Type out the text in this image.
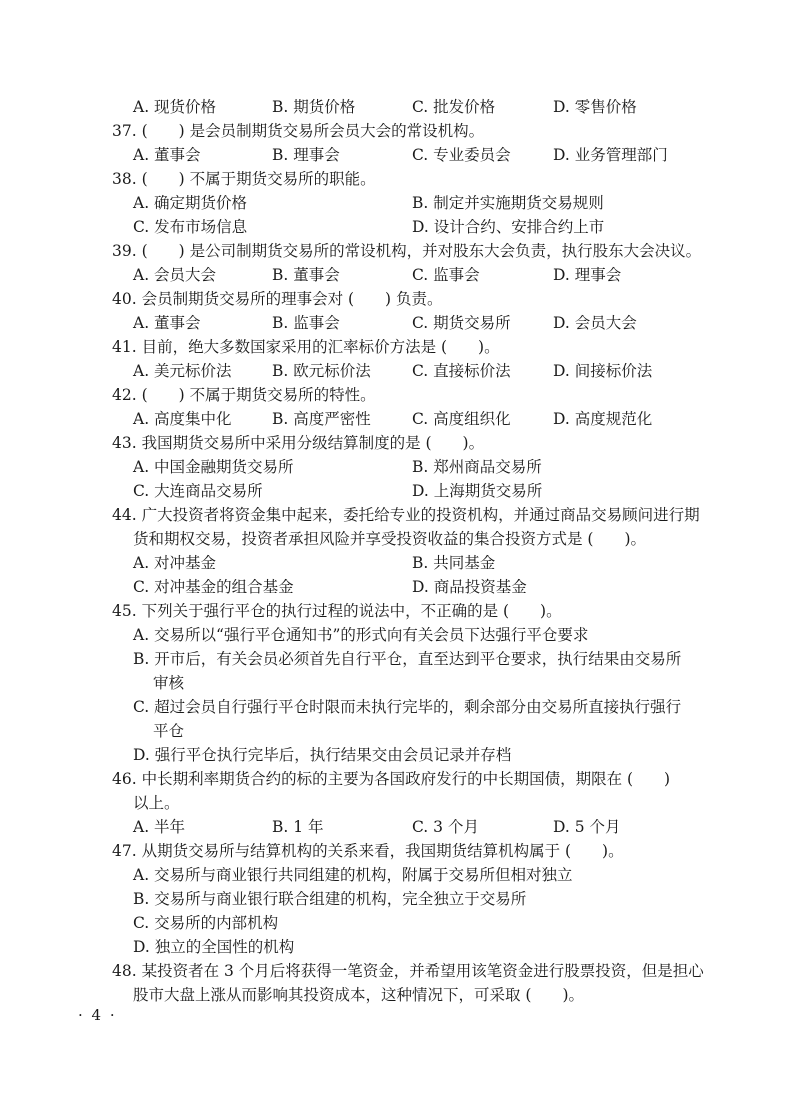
A. 现货价格	B. 期货价格	C. 批发价格	D. 零售价格
37. (　　) 是会员制期货交易所会员大会的常设机构。
A. 董事会	B. 理事会	C. 专业委员会	D. 业务管理部门
38. (　　) 不属于期货交易所的职能。
A. 确定期货价格	B. 制定并实施期货交易规则
C. 发布市场信息	D. 设计合约、安排合约上市
39. (　　) 是公司制期货交易所的常设机构，并对股东大会负责，执行股东大会决议。
A. 会员大会	B. 董事会	C. 监事会	D. 理事会
40. 会员制期货交易所的理事会对 (　　) 负责。
A. 董事会	B. 监事会	C. 期货交易所	D. 会员大会
41. 目前，绝大多数国家采用的汇率标价方法是 (　　)。
A. 美元标价法	B. 欧元标价法	C. 直接标价法	D. 间接标价法
42. (　　) 不属于期货交易所的特性。
A. 高度集中化	B. 高度严密性	C. 高度组织化	D. 高度规范化
43. 我国期货交易所中采用分级结算制度的是 (　　)。
A. 中国金融期货交易所	B. 郑州商品交易所
C. 大连商品交易所	D. 上海期货交易所
44. 广大投资者将资金集中起来，委托给专业的投资机构，并通过商品交易顾问进行期
货和期权交易，投资者承担风险并享受投资收益的集合投资方式是 (　　)。
A. 对冲基金	B. 共同基金
C. 对冲基金的组合基金	D. 商品投资基金
45. 下列关于强行平仓的执行过程的说法中，不正确的是 (　　)。
A. 交易所以“强行平仓通知书”的形式向有关会员下达强行平仓要求
B. 开市后，有关会员必须首先自行平仓，直至达到平仓要求，执行结果由交易所
审核
C. 超过会员自行强行平仓时限而未执行完毕的，剩余部分由交易所直接执行强行
平仓
D. 强行平仓执行完毕后，执行结果交由会员记录并存档
46. 中长期利率期货合约的标的主要为各国政府发行的中长期国债，期限在 (　　)
以上。
A. 半年	B. 1 年	C. 3 个月	D. 5 个月
47. 从期货交易所与结算机构的关系来看，我国期货结算机构属于 (　　)。
A. 交易所与商业银行共同组建的机构，附属于交易所但相对独立
B. 交易所与商业银行联合组建的机构，完全独立于交易所
C. 交易所的内部机构
D. 独立的全国性的机构
48. 某投资者在 3 个月后将获得一笔资金，并希望用该笔资金进行股票投资，但是担心
股市大盘上涨从而影响其投资成本，这种情况下，可采取 (　　)。
· 4 ·
